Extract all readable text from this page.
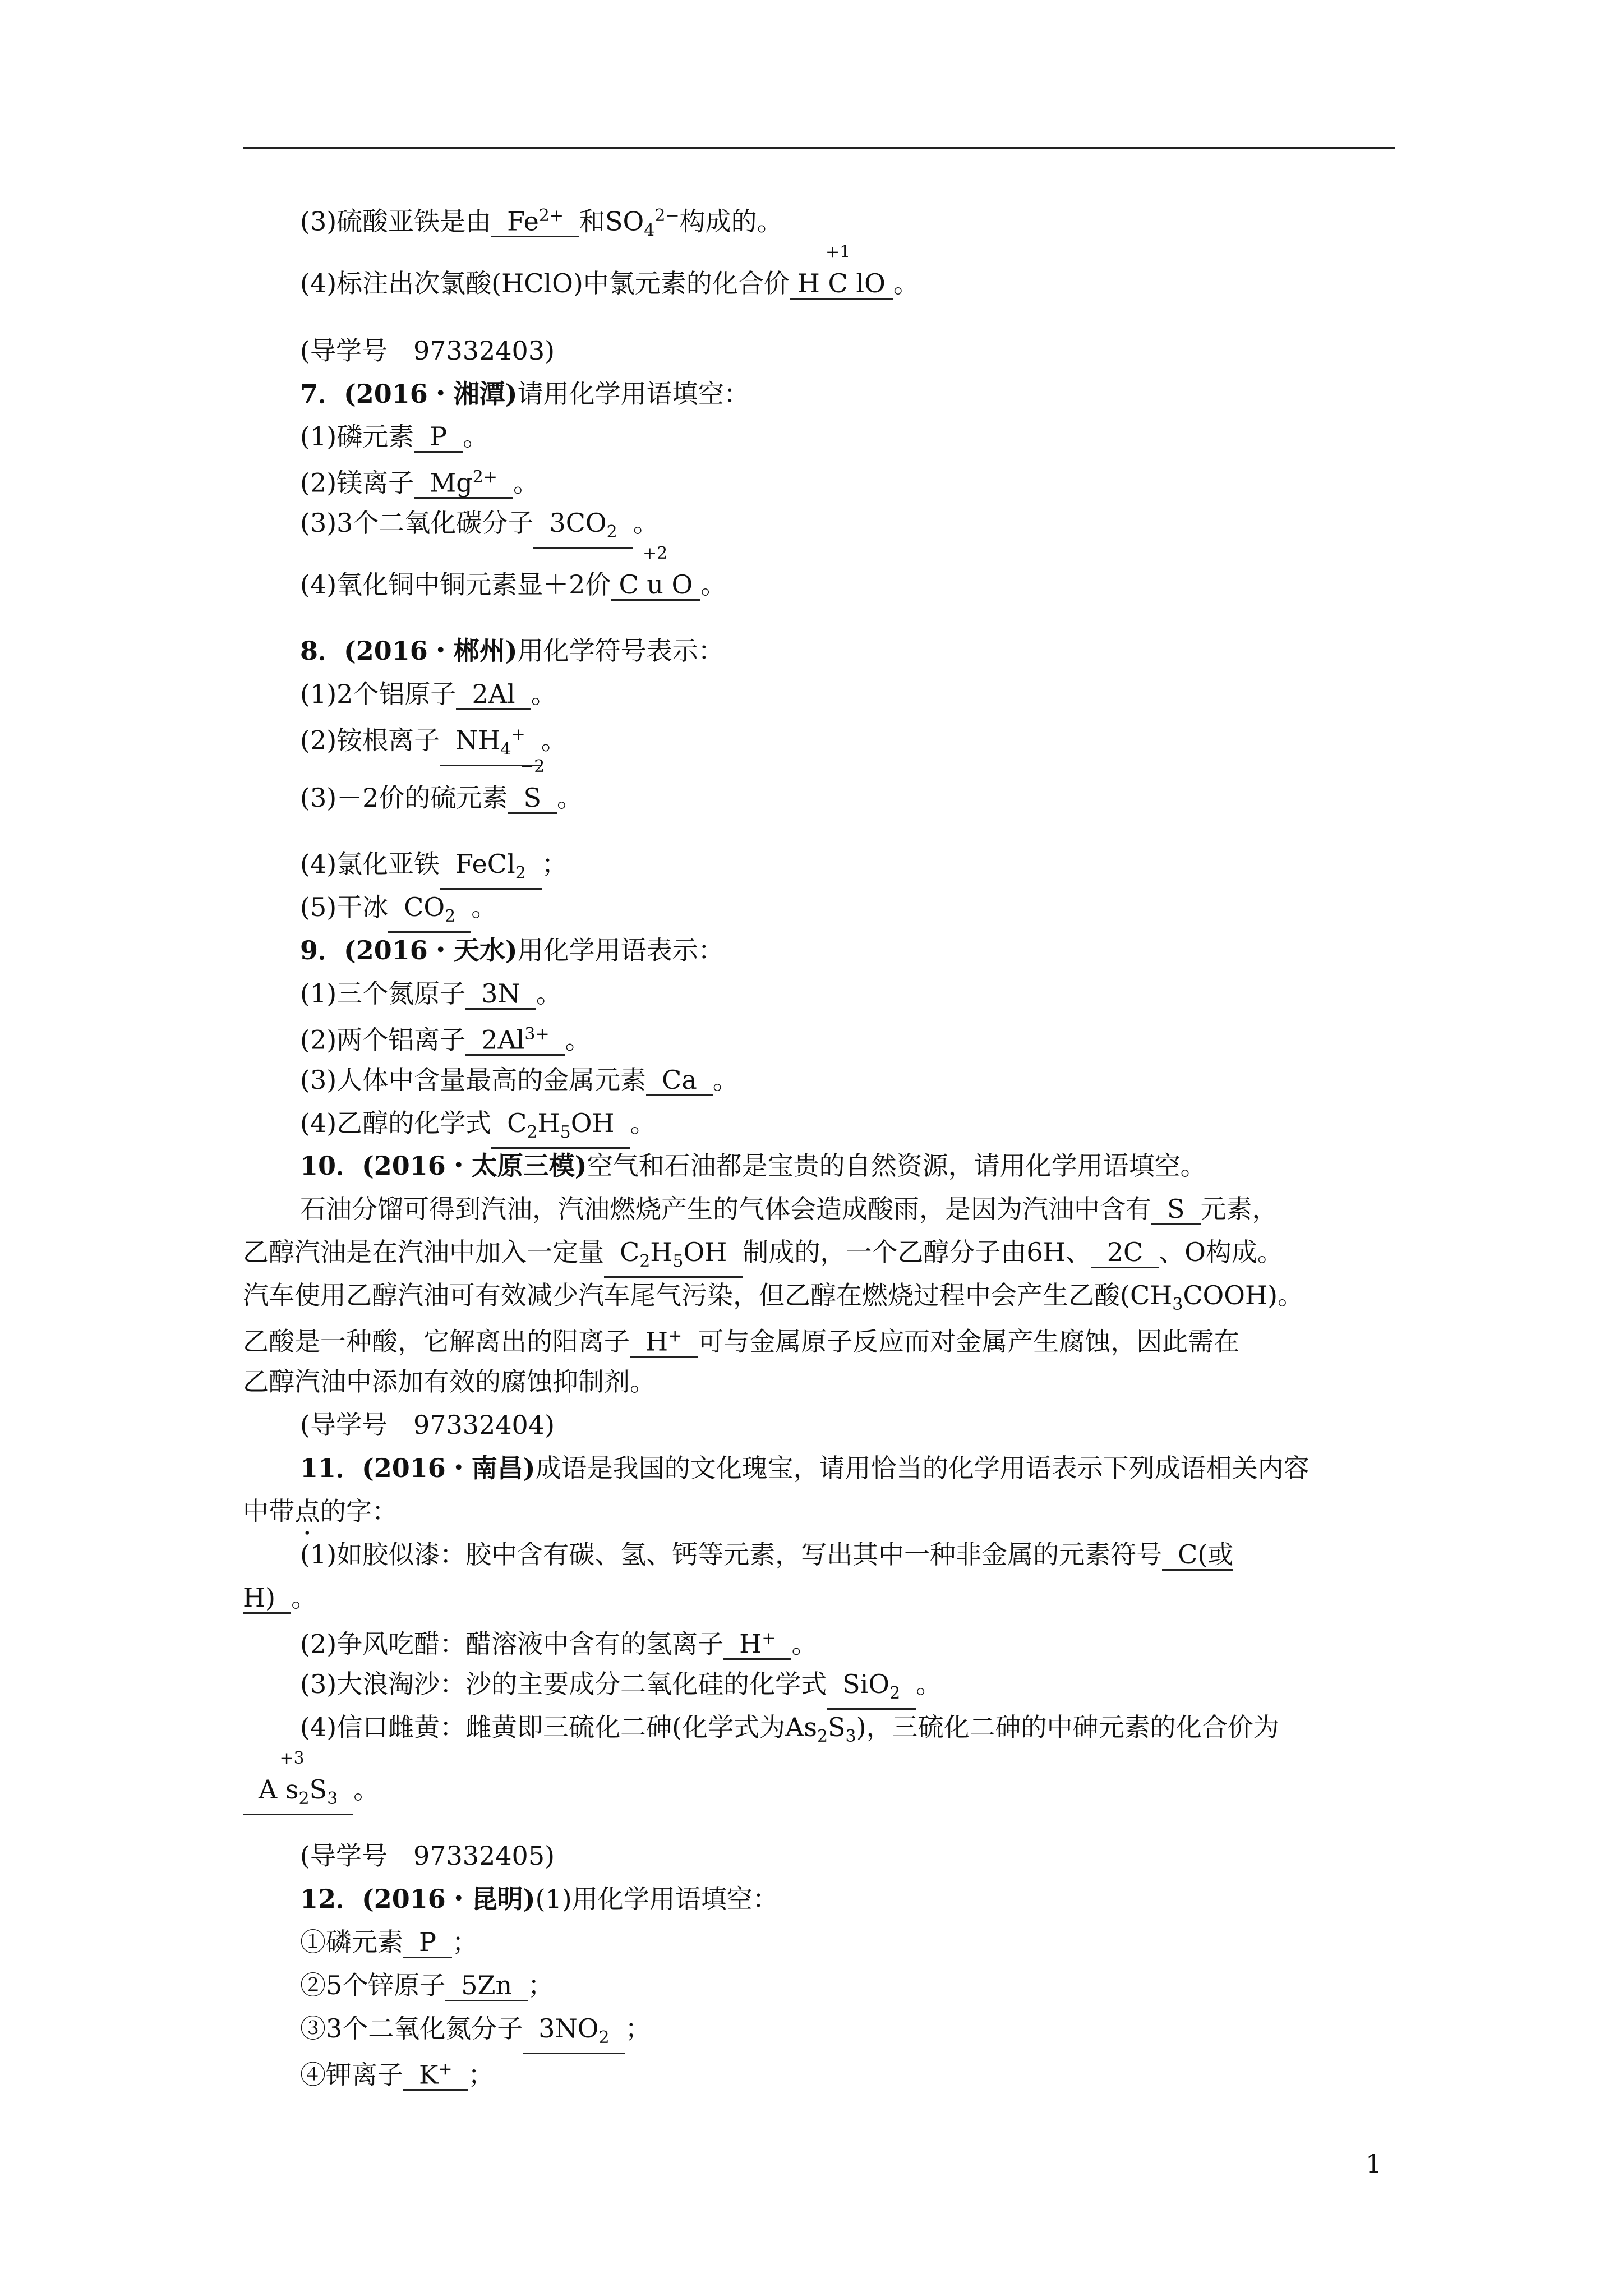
(3)硫酸亚铁是由 $Fe^{2+}$ 和$SO_4^{2-}$构成的。
(4)标注出次氯酸(HClO)中氯元素的化合价 H
+1
C lO 。
(导学号　97332403)
7．(2016・湘潭)请用化学用语填空：
(1)磷元素 P 。
(2)镁离子 $Mg^{2+}$ 。
(3)3个二氧化碳分子 $3CO_2$ 。
(4)氧化铜中铜元素显＋2价 C
+2
u O 。
8．(2016・郴州)用化学符号表示：
(1)2个铝原子 2Al 。
(2)铵根离子 $NH_4^+$ 。
(3)－2价的硫元素
−2
S 。
(4)氯化亚铁 FeCl$_2$ ；
(5)干冰 $CO_2$ 。
9．(2016・天水)用化学用语表示：
(1)三个氮原子 3N 。
(2)两个铝离子 $2Al^{3+}$ 。
(3)人体中含量最高的金属元素 Ca 。
(4)乙醇的化学式 $C_2H_5OH$ 。
10．(2016・太原三模)空气和石油都是宝贵的自然资源，请用化学用语填空。
石油分馏可得到汽油，汽油燃烧产生的气体会造成酸雨，是因为汽油中含有 S 元素，
乙醇汽油是在汽油中加入一定量 $C_2H_5OH$ 制成的，一个乙醇分子由6H、 2C 、O构成。
汽车使用乙醇汽油可有效减少汽车尾气污染，但乙醇在燃烧过程中会产生乙酸$(CH_3COOH)$。
乙酸是一种酸，它解离出的阳离子 H+ 可与金属原子反应而对金属产生腐蚀，因此需在
乙醇汽油中添加有效的腐蚀抑制剂。
(导学号　97332404)
11．(2016・南昌)成语是我国的文化瑰宝，请用恰当的化学用语表示下列成语相关内容
中带点的字：
(1)如胶似漆：胶中含有碳、氢、钙等元素，写出其中一种非金属的元素符号 C(或
H) 。
(2)争风吃醋：醋溶液中含有的氢离子 H+ 。
(3)大浪淘沙：沙的主要成分二氧化硅的化学式 SiO$_2$ 。
(4)信口雌黄：雌黄即三硫化二砷(化学式为$As_2S_3$)，三硫化二砷的中砷元素的化合价为
A
+3
$s_2S_3$ 。
(导学号　97332405)
12．(2016・昆明)(1)用化学用语填空：
①磷元素 P ；
②5个锌原子 5Zn ；
③3个二氧化氮分子 $3NO_2$ ；
④钾离子 K+ ；
1
